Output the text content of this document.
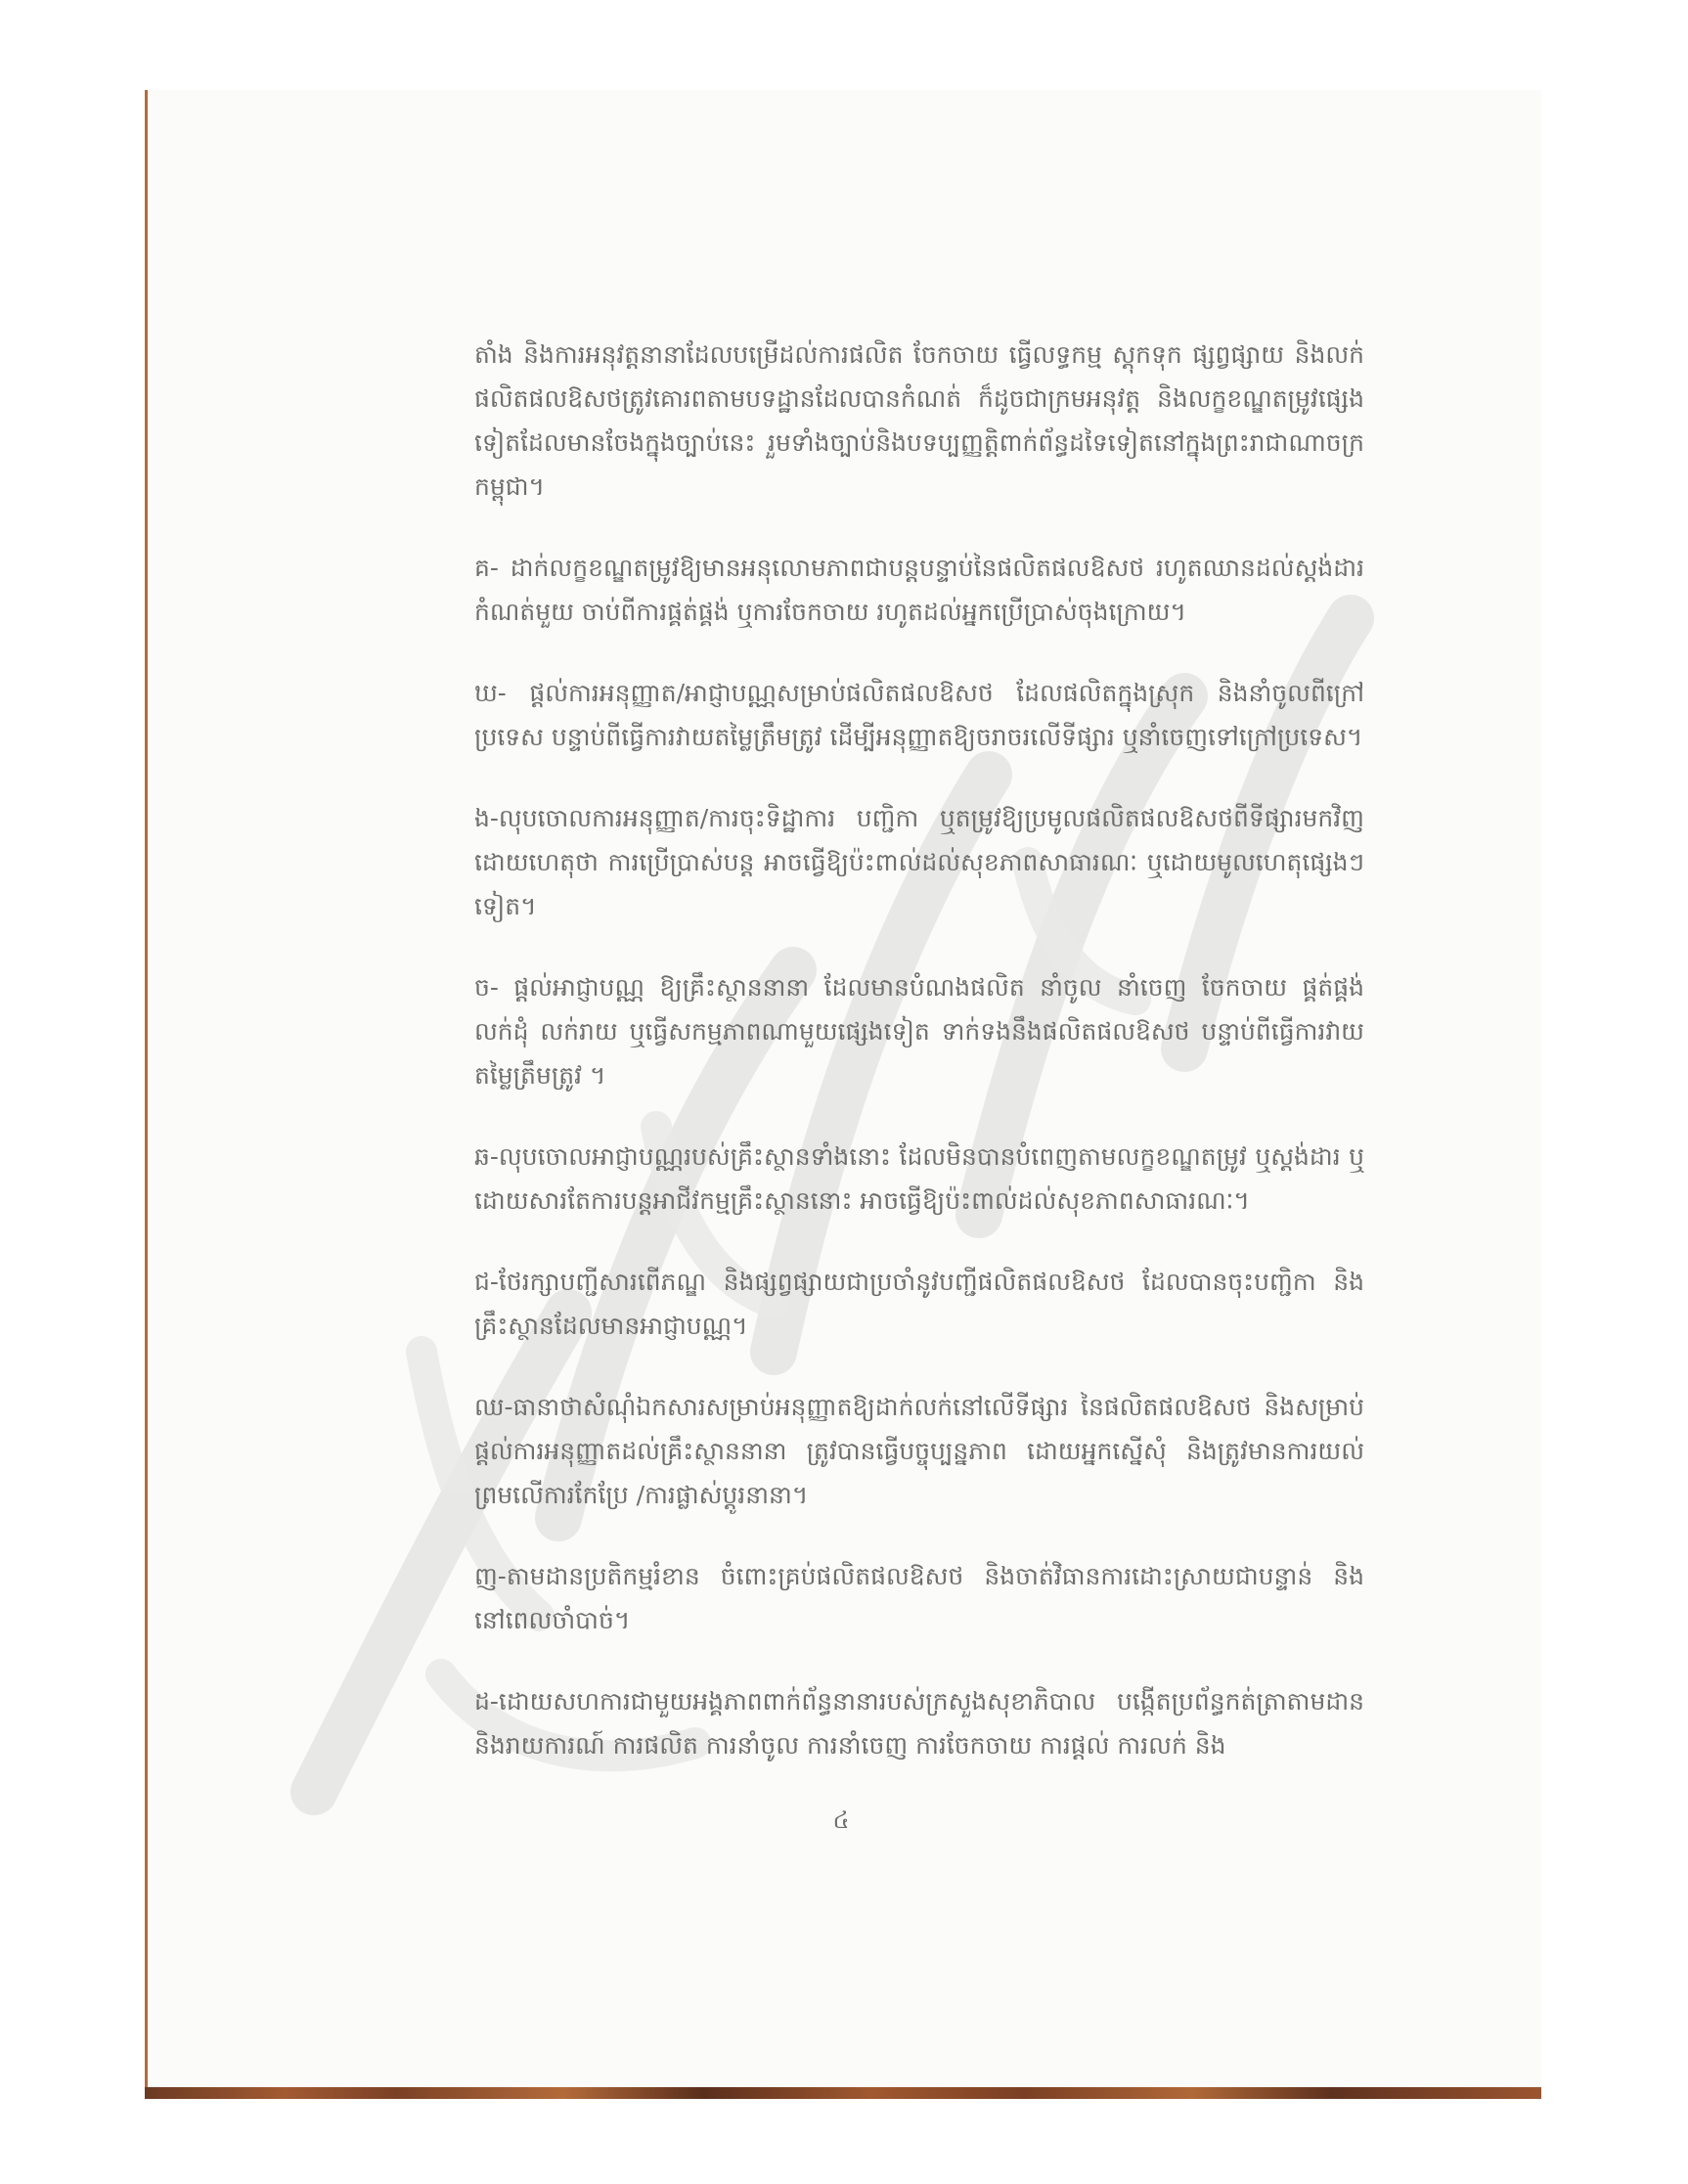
តាំង និងការអនុវត្តនានាដែលបម្រើដល់ការផលិត ចែកចាយ ធ្វើលទ្ធកម្ម ស្តុកទុក ផ្សព្វផ្សាយ និងលក់ផលិតផលឱសថត្រូវគោរពតាមបទដ្ឋានដែលបានកំណត់ ក៏ដូចជាក្រមអនុវត្ត និងលក្ខខណ្ឌតម្រូវផ្សេងទៀតដែលមានចែងក្នុងច្បាប់នេះ រួមទាំងច្បាប់និងបទប្បញ្ញត្តិពាក់ព័ន្ធដទៃទៀតនៅក្នុងព្រះរាជាណាចក្រកម្ពុជា។

គ- ដាក់លក្ខខណ្ឌតម្រូវឱ្យមានអនុលោមភាពជាបន្តបន្ទាប់នៃផលិតផលឱសថ រហូតឈានដល់ស្តង់ដារកំណត់មួយ ចាប់ពីការផ្គត់ផ្គង់ ឬការចែកចាយ រហូតដល់អ្នកប្រើប្រាស់ចុងក្រោយ។

ឃ- ផ្តល់ការអនុញ្ញាត/អាជ្ញាបណ្ណសម្រាប់ផលិតផលឱសថ ដែលផលិតក្នុងស្រុក និងនាំចូលពីក្រៅប្រទេស បន្ទាប់ពីធ្វើការវាយតម្លៃត្រឹមត្រូវ ដើម្បីអនុញ្ញាតឱ្យចរាចរលើទីផ្សារ ឬនាំចេញទៅក្រៅប្រទេស។

ង-លុបចោលការអនុញ្ញាត/ការចុះទិដ្ឋាការ បញ្ជិកា ឬតម្រូវឱ្យប្រមូលផលិតផលឱសថពីទីផ្សារមកវិញ ដោយហេតុថា ការប្រើប្រាស់បន្ត អាចធ្វើឱ្យប៉ះពាល់ដល់សុខភាពសាធារណៈ ឬដោយមូលហេតុផ្សេងៗទៀត។

ច- ផ្តល់អាជ្ញាបណ្ណ ឱ្យគ្រឹះស្ថាននានា ដែលមានបំណងផលិត នាំចូល នាំចេញ ចែកចាយ ផ្គត់ផ្គង់ លក់ដុំ លក់រាយ ឬធ្វើសកម្មភាពណាមួយផ្សេងទៀត ទាក់ទងនឹងផលិតផលឱសថ បន្ទាប់ពីធ្វើការវាយតម្លៃត្រឹមត្រូវ ។

ឆ-លុបចោលអាជ្ញាបណ្ណរបស់គ្រឹះស្ថានទាំងនោះ ដែលមិនបានបំពេញតាមលក្ខខណ្ឌតម្រូវ ឬស្តង់ដារ ឬដោយសារតែការបន្តអាជីវកម្មគ្រឹះស្ថាននោះ អាចធ្វើឱ្យប៉ះពាល់ដល់សុខភាពសាធារណៈ។

ជ-ថែរក្សាបញ្ជីសារពើភណ្ឌ និងផ្សព្វផ្សាយជាប្រចាំនូវបញ្ជីផលិតផលឱសថ ដែលបានចុះបញ្ជិកា និងគ្រឹះស្ថានដែលមានអាជ្ញាបណ្ណ។

ឈ-ធានាថាសំណុំឯកសារសម្រាប់អនុញ្ញាតឱ្យដាក់លក់នៅលើទីផ្សារ នៃផលិតផលឱសថ និងសម្រាប់ផ្តល់ការអនុញ្ញាតដល់គ្រឹះស្ថាននានា ត្រូវបានធ្វើបច្ចុប្បន្នភាព ដោយអ្នកស្នើសុំ និងត្រូវមានការយល់ព្រមលើការកែប្រែ /ការផ្លាស់ប្តូរនានា។

ញ-តាមដានប្រតិកម្មរំខាន ចំពោះគ្រប់ផលិតផលឱសថ និងចាត់វិធានការដោះស្រាយជាបន្ទាន់ និងនៅពេលចាំបាច់។

ដ-ដោយសហការជាមួយអង្គភាពពាក់ព័ន្ធនានារបស់ក្រសួងសុខាភិបាល បង្កើតប្រព័ន្ធកត់ត្រាតាមដាននិងរាយការណ៍ ការផលិត ការនាំចូល ការនាំចេញ ការចែកចាយ ការផ្តល់ ការលក់ និង

៤
